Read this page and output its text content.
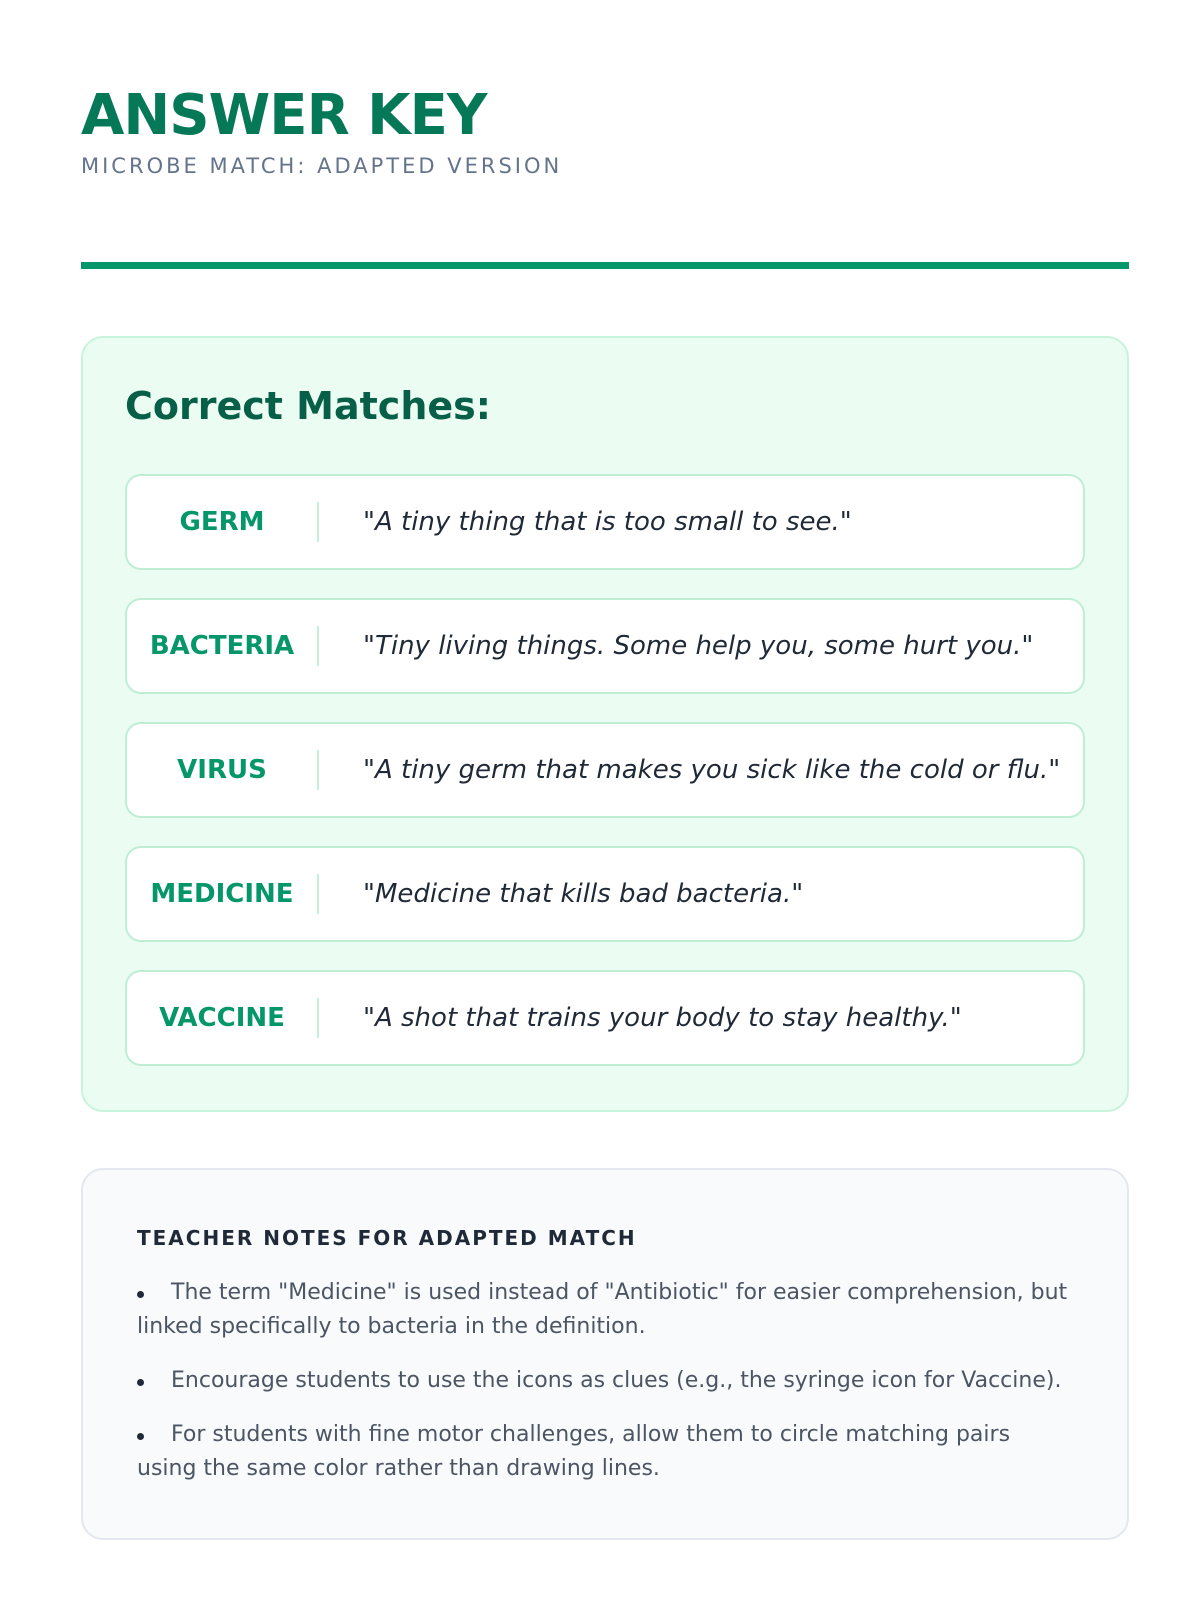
ANSWER KEY
MICROBE MATCH: ADAPTED VERSION
Correct Matches:
GERM	"A tiny thing that is too small to see."
BACTERIA	"Tiny living things. Some help you, some hurt you."
VIRUS	"A tiny germ that makes you sick like the cold or flu."
MEDICINE	"Medicine that kills bad bacteria."
VACCINE	"A shot that trains your body to stay healthy."
TEACHER NOTES FOR ADAPTED MATCH
The term "Medicine" is used instead of "Antibiotic" for easier comprehension, but linked specifically to bacteria in the definition.
Encourage students to use the icons as clues (e.g., the syringe icon for Vaccine).
For students with fine motor challenges, allow them to circle matching pairs using the same color rather than drawing lines.
